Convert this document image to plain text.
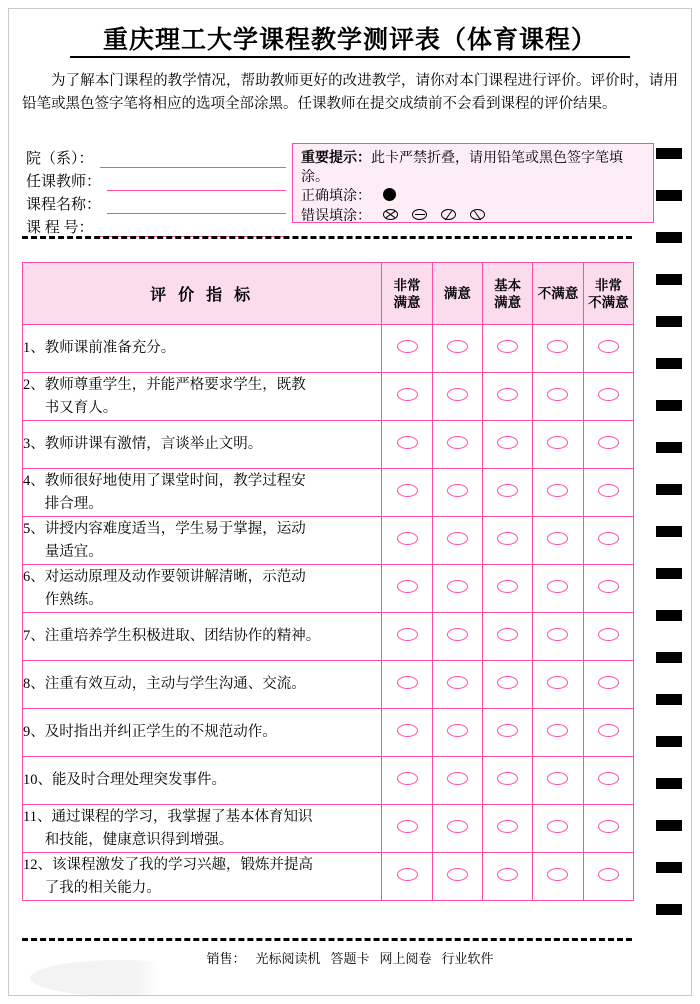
重庆理工大学课程教学测评表（体育课程）
为了解本门课程的教学情况，帮助教师更好的改进教学，请你对本门课程进行评价。评价时，请用铅笔或黑色签字笔将相应的选项全部涂黑。任课教师在提交成绩前不会看到课程的评价结果。
院（系）：
任课教师：
课程名称：
课 程 号：
重要提示：此卡严禁折叠，请用铅笔或黑色签字笔填涂。
正确填涂：
错误填涂：
评 价 指 标	
非常
满意

满意

基本
满意

不满意

非常
不满意

1、教师课前准备充分。					

2、教师尊重学生，并能严格要求学生，既教
书又育人。					

3、教师讲课有激情，言谈举止文明。					

4、教师很好地使用了课堂时间，教学过程安
排合理。					

5、讲授内容难度适当，学生易于掌握，运动
量适宜。					

6、对运动原理及动作要领讲解清晰，示范动
作熟练。					

7、注重培养学生积极进取、团结协作的精神。					

8、注重有效互动，主动与学生沟通、交流。					

9、及时指出并纠正学生的不规范动作。					

10、能及时合理处理突发事件。					

11、通过课程的学习，我掌握了基本体育知识
和技能，健康意识得到增强。					

12、该课程激发了我的学习兴趣，锻炼并提高
了我的相关能力。					

销售： 光标阅读机 答题卡 网上阅卷 行业软件
